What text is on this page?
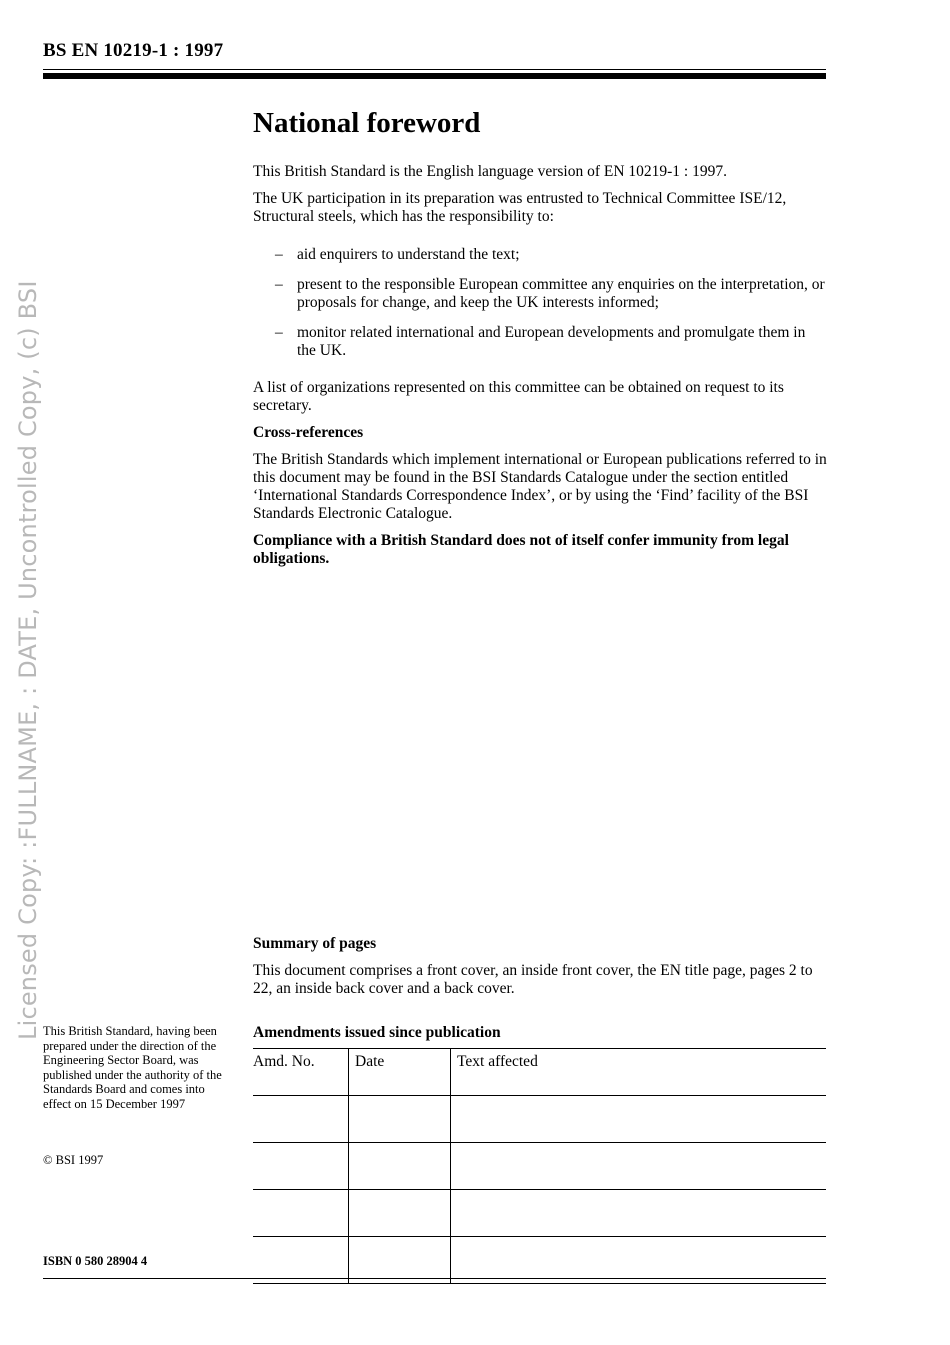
BS EN 10219-1 : 1997
Licensed Copy: :FULLNAME, : DATE, Uncontrolled Copy, (c) BSI
National foreword

This British Standard is the English language version of EN 10219-1 : 1997.

The UK participation in its preparation was entrusted to Technical Committee ISE/12, Structural steels, which has the responsibility to:

– aid enquirers to understand the text;
– present to the responsible European committee any enquiries on the interpretation, or proposals for change, and keep the UK interests informed;
– monitor related international and European developments and promulgate them in the UK.

A list of organizations represented on this committee can be obtained on request to its secretary.

Cross-references

The British Standards which implement international or European publications referred to in this document may be found in the BSI Standards Catalogue under the section entitled ‘International Standards Correspondence Index’, or by using the ‘Find’ facility of the BSI Standards Electronic Catalogue.

Compliance with a British Standard does not of itself confer immunity from legal obligations.

Summary of pages

This document comprises a front cover, an inside front cover, the EN title page, pages 2 to 22, an inside back cover and a back cover.

Amendments issued since publication
Amd. No.	Date	Text affected

This British Standard, having been prepared under the direction of the Engineering Sector Board, was published under the authority of the Standards Board and comes into effect on 15 December 1997
© BSI 1997
ISBN 0 580 28904 4
